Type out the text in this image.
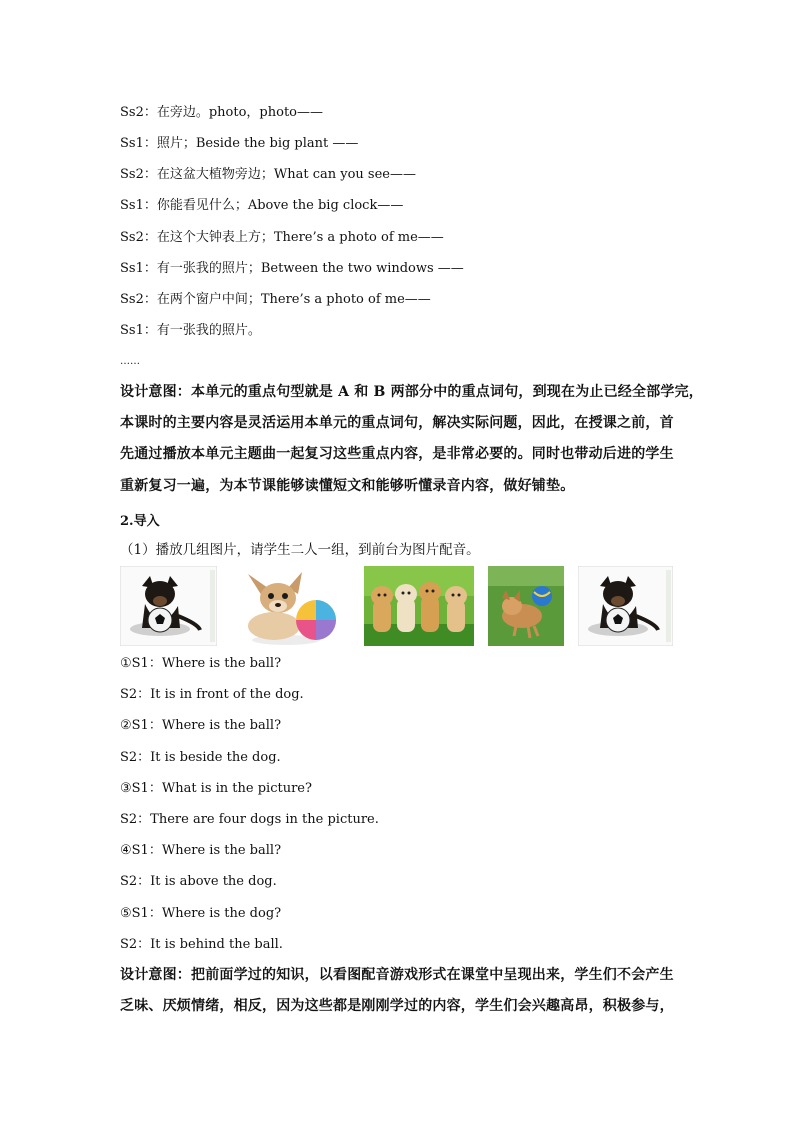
Ss2：在旁边。photo，photo——
Ss1：照片；Beside the big plant ——
Ss2：在这盆大植物旁边；What can you see——
Ss1：你能看见什么；Above the big clock——
Ss2：在这个大钟表上方；There’s a photo of me——
Ss1：有一张我的照片；Between the two windows ——
Ss2：在两个窗户中间；There’s a photo of me——
Ss1：有一张我的照片。
……
设计意图：本单元的重点句型就是 A 和 B 两部分中的重点词句，到现在为止已经全部学完，
本课时的主要内容是灵活运用本单元的重点词句，解决实际问题，因此，在授课之前，首
先通过播放本单元主题曲一起复习这些重点内容，是非常必要的。同时也带动后进的学生
重新复习一遍，为本节课能够读懂短文和能够听懂录音内容，做好铺垫。
2.导入
（1）播放几组图片，请学生二人一组，到前台为图片配音。
①S1：Where is the ball?
S2：It is in front of the dog.
②S1：Where is the ball?
S2：It is beside the dog.
③S1：What is in the picture?
S2：There are four dogs in the picture.
④S1：Where is the ball?
S2：It is above the dog.
⑤S1：Where is the dog?
S2：It is behind the ball.
设计意图：把前面学过的知识，以看图配音游戏形式在课堂中呈现出来，学生们不会产生
乏味、厌烦情绪，相反，因为这些都是刚刚学过的内容，学生们会兴趣高昂，积极参与，
